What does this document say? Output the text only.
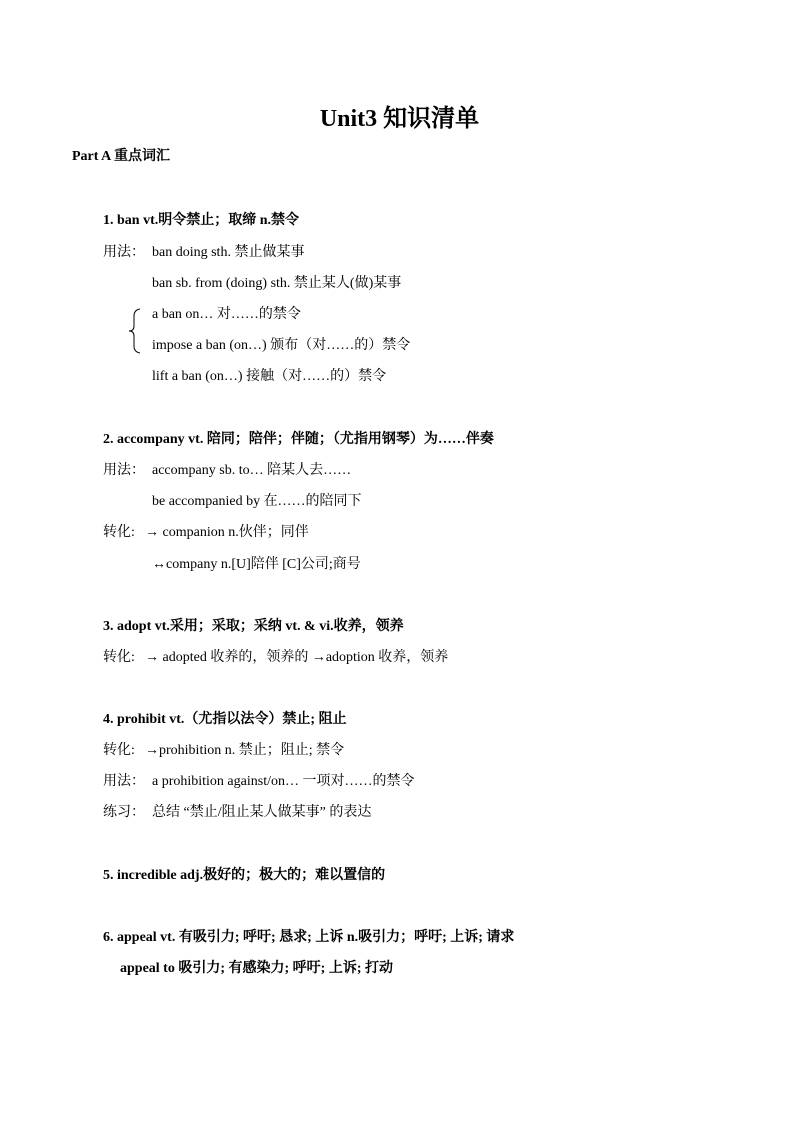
Unit3 知识清单
Part A 重点词汇
1. ban vt.明令禁止；取缔 n.禁令
用法： ban doing sth. 禁止做某事
ban sb. from (doing) sth. 禁止某人(做)某事
a ban on… 对……的禁令
impose a ban (on…) 颁布（对……的）禁令
lift a ban (on…) 接触（对……的）禁令
2. accompany vt. 陪同；陪伴；伴随；（尤指用钢琴）为……伴奏
用法： accompany sb. to… 陪某人去……
be accompanied by 在……的陪同下
转化: → companion n.伙伴；同伴
↔company n.[U]陪伴 [C]公司;商号
3. adopt vt.采用；采取；采纳 vt. & vi.收养，领养
转化: → adopted 收养的，领养的 →adoption 收养，领养
4. prohibit vt.（尤指以法令）禁止; 阻止
转化: →prohibition n. 禁止；阻止; 禁令
用法： a prohibition against/on… 一项对……的禁令
练习： 总结 “禁止/阻止某人做某事” 的表达
5. incredible adj.极好的；极大的；难以置信的
6. appeal vt. 有吸引力; 呼吁; 恳求; 上诉 n.吸引力；呼吁; 上诉; 请求
appeal to 吸引力; 有感染力; 呼吁; 上诉; 打动
